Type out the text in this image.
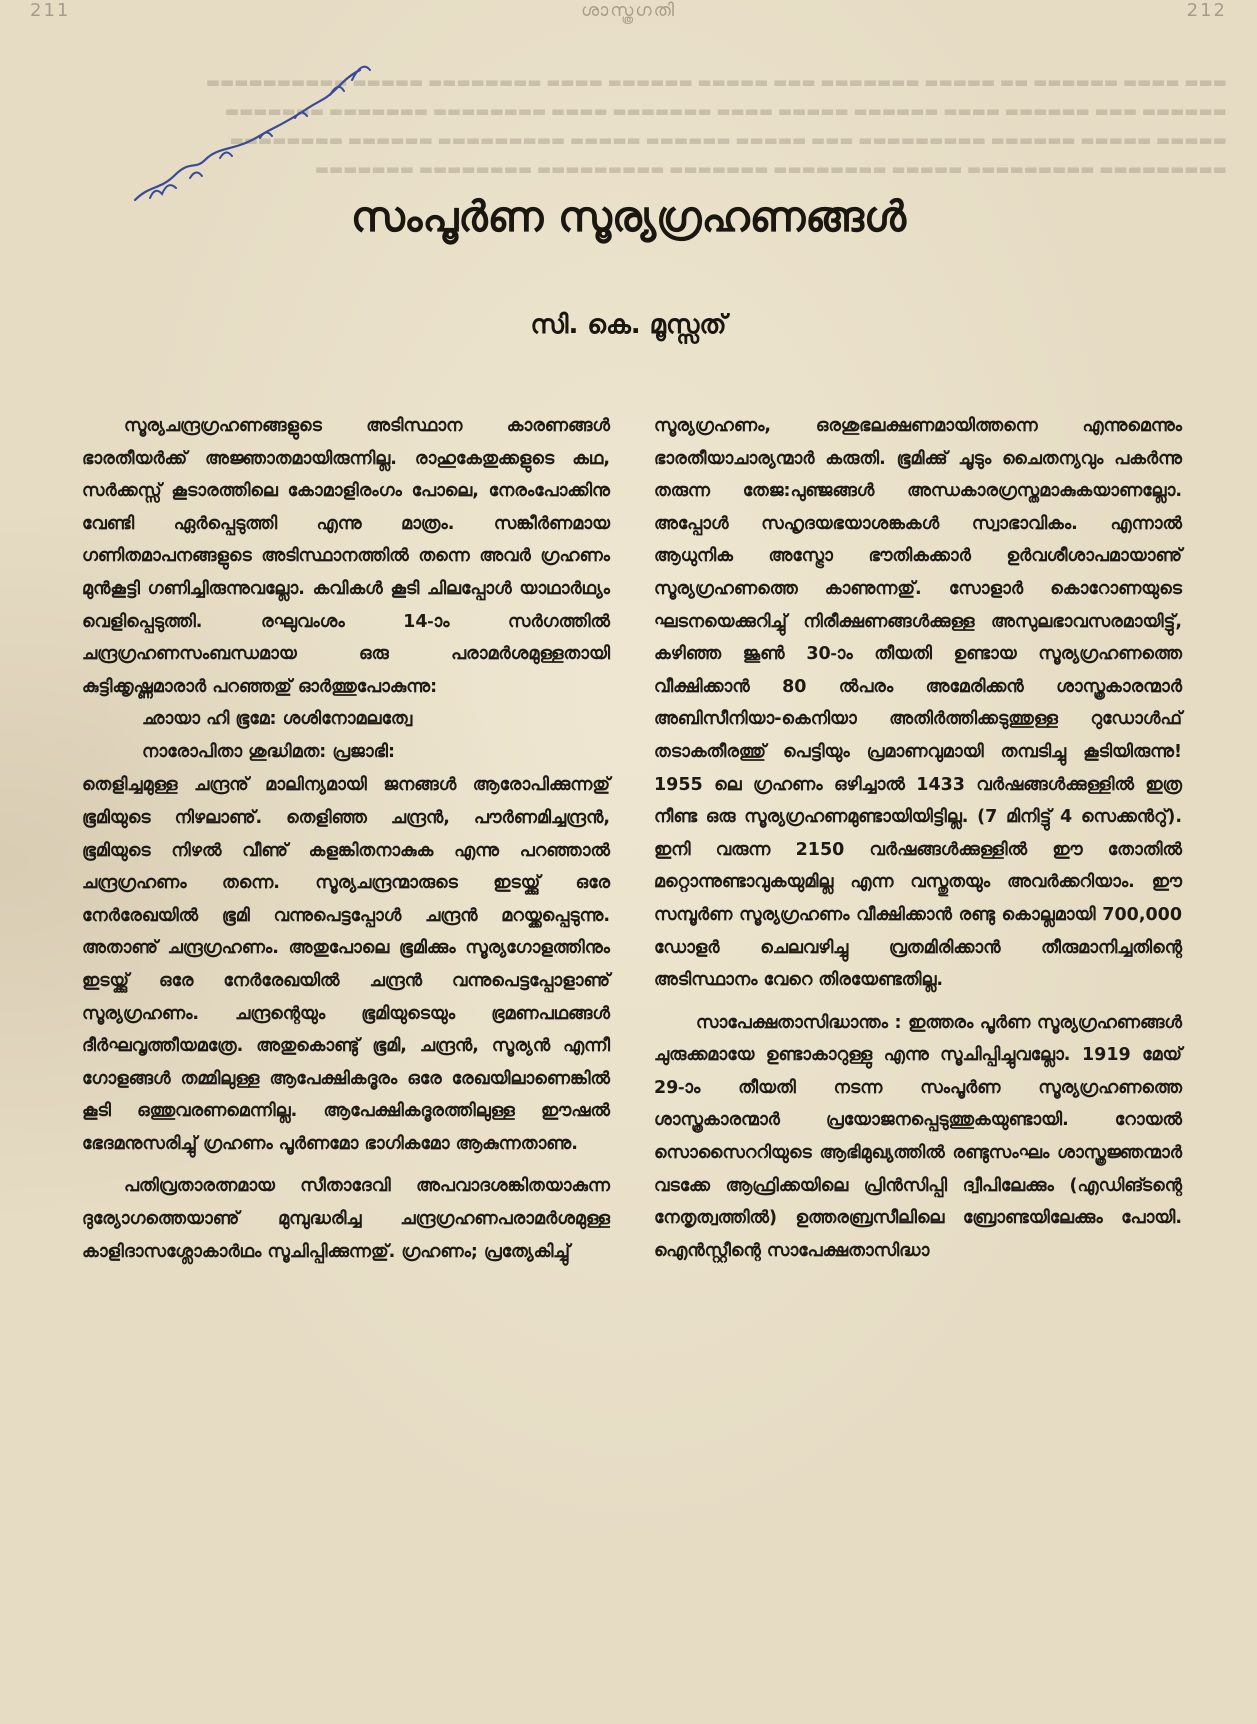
211	ശാസ്ത്രഗതി	212
▬▬▬ ▬▬▬▬ ▬▬▬▬▬▬ ▬▬ ▬▬▬▬▬ ▬▬▬▬▬▬▬ ▬▬▬ ▬▬▬▬▬ ▬▬▬▬▬▬ ▬▬▬▬ ▬▬▬▬▬▬▬▬ ▬▬▬▬▬ ▬▬▬▬▬▬▬▬▬▬
▬▬▬▬▬▬ ▬▬▬ ▬▬▬▬▬▬ ▬▬▬▬ ▬▬▬▬▬▬ ▬▬▬▬▬ ▬▬▬▬ ▬▬▬▬▬▬▬ ▬▬▬▬ ▬▬▬▬▬▬▬▬ ▬▬▬▬▬▬▬ ▬▬▬▬▬▬▬
▬▬▬▬▬ ▬▬▬▬▬ ▬▬▬▬▬▬ ▬▬▬▬▬▬▬▬▬ ▬▬▬ ▬▬▬▬▬ ▬▬▬▬▬▬ ▬▬▬▬▬ ▬▬▬▬▬▬▬▬▬ ▬▬▬▬▬▬ ▬▬▬▬▬▬▬▬
▬▬▬▬▬▬▬▬▬ ▬▬▬▬▬▬▬▬▬ ▬▬▬▬▬ ▬▬▬▬▬▬▬▬ ▬▬▬▬▬▬▬ ▬▬▬▬▬▬▬▬▬ ▬▬▬▬▬▬▬▬ ▬▬▬▬▬▬▬
സംപൂർണ സൂര്യഗ്രഹണങ്ങൾ
സി. കെ. മൂസ്സത്

സൂര്യചന്ദ്രഗ്രഹണങ്ങളുടെ അടിസ്ഥാന കാരണങ്ങൾ ഭാരതീയർക്ക് അജ്ഞാതമായിരുന്നില്ല. രാഹുകേതുക്കളുടെ കഥ, സർക്കസ്സ് കൂടാരത്തിലെ കോമാളിരംഗം പോലെ, നേരംപോക്കിനു വേണ്ടി ഏർപ്പെടുത്തി എന്നു മാത്രം. സങ്കീർണമായ ഗണിതമാപനങ്ങളുടെ അടിസ്ഥാനത്തിൽ തന്നെ അവർ ഗ്രഹണം മുൻകൂട്ടി ഗണിച്ചിരുന്നുവല്ലോ. കവികൾ കൂടി ചിലപ്പോൾ യാഥാർഥ്യം വെളിപ്പെടുത്തി. രഘുവംശം 14-ാം സർഗത്തിൽ ചന്ദ്രഗ്രഹണസംബന്ധമായ ഒരു പരാമർശമുള്ളതായി കുട്ടിക്കൃഷ്ണമാരാർ പറഞ്ഞതു് ഓർത്തുപോകുന്നു:

ഛായാ ഹി ഭൂമേ: ശശിനോമലത്വേ
നാരോപിതാ ശുദ്ധിമത: പ്രജാഭി:

തെളിച്ചമുള്ള ചന്ദ്രനു് മാലിന്യമായി ജനങ്ങൾ ആരോപിക്കുന്നതു് ഭൂമിയുടെ നിഴലാണു്. തെളിഞ്ഞ ചന്ദ്രൻ, പൗർണമിച്ചന്ദ്രൻ, ഭൂമിയുടെ നിഴൽ വീണു് കളങ്കിതനാകുക എന്നു പറഞ്ഞാൽ ചന്ദ്രഗ്രഹണം തന്നെ. സൂര്യചന്ദ്രന്മാരുടെ ഇടയ്ക്കു് ഒരേ നേർരേഖയിൽ ഭൂമി വന്നുപെട്ടപ്പോൾ ചന്ദ്രൻ മറയ്ക്കപ്പെടുന്നു. അതാണു് ചന്ദ്രഗ്രഹണം. അതുപോലെ ഭൂമിക്കും സൂര്യഗോളത്തിനും ഇടയ്ക്കു് ഒരേ നേർരേഖയിൽ ചന്ദ്രൻ വന്നുപെട്ടപ്പോളാണു് സൂര്യഗ്രഹണം. ചന്ദ്രന്റെയും ഭൂമിയുടെയും ഭ്രമണപഥങ്ങൾ ദീർഘവൃത്തീയമത്രേ. അതുകൊണ്ടു് ഭൂമി, ചന്ദ്രൻ, സൂര്യൻ എന്നീ ഗോളങ്ങൾ തമ്മിലുള്ള ആപേക്ഷികദൂരം ഒരേ രേഖയിലാണെങ്കിൽ കൂടി ഒത്തുവരണമെന്നില്ല. ആപേക്ഷികദൂരത്തിലുള്ള ഈഷൽ ഭേദമനുസരിച്ചു് ഗ്രഹണം പൂർണമോ ഭാഗികമോ ആകുന്നതാണു.

പതിവ്രതാരത്നമായ സീതാദേവി അപവാദശങ്കിതയാകുന്ന ദുര്യോഗത്തെയാണു് മുമ്പുദ്ധരിച്ച ചന്ദ്രഗ്രഹണപരാമർശമുള്ള കാളിദാസശ്ലോകാർഥം സൂചിപ്പിക്കുന്നതു്. ഗ്രഹണം; പ്രത്യേകിച്ചു്

സൂര്യഗ്രഹണം, ഒരശുഭലക്ഷണമായിത്തന്നെ എന്നുമെന്നും ഭാരതീയാചാര്യന്മാർ കരുതി. ഭൂമിക്കു് ചൂടും ചൈതന്യവും പകർന്നു തരുന്ന തേജ:പുഞ്ജങ്ങൾ അന്ധകാരഗ്രസ്തമാകുകയാണല്ലോ. അപ്പോൾ സഹൃദയഭയാശങ്കകൾ സ്വാഭാവികം. എന്നാൽ ആധുനിക അസ്ട്രോ ഭൗതികക്കാർ ഉർവശീശാപമായാണു് സൂര്യഗ്രഹണത്തെ കാണുന്നതു്. സോളാർ കൊറോണയുടെ ഘടനയെക്കുറിച്ചു് നിരീക്ഷണങ്ങൾക്കുള്ള അസുലഭാവസരമായിട്ടു്, കഴിഞ്ഞ ജൂൺ 30-ാം തീയതി ഉണ്ടായ സൂര്യഗ്രഹണത്തെ വീക്ഷിക്കാൻ 80 ൽപരം അമേരിക്കൻ ശാസ്ത്രകാരന്മാർ അബിസീനിയാ-കെനിയാ അതിർത്തിക്കടുത്തുള്ള റുഡോൾഫ് തടാകതീരത്തു് പെട്ടിയും പ്രമാണവുമായി തമ്പടിച്ചു കൂടിയിരുന്നു! 1955 ലെ ഗ്രഹണം ഒഴിച്ചാൽ 1433 വർഷങ്ങൾക്കുള്ളിൽ ഇത്ര നീണ്ട ഒരു സൂര്യഗ്രഹണമുണ്ടായിയിട്ടില്ല. (7 മിനിട്ടു് 4 സെക്കൻറു്). ഇനി വരുന്ന 2150 വർഷങ്ങൾക്കുള്ളിൽ ഈ തോതിൽ മറ്റൊന്നുണ്ടാവുകയുമില്ല എന്ന വസ്തുതയും അവർക്കറിയാം. ഈ സമ്പൂർണ സൂര്യഗ്രഹണം വീക്ഷിക്കാൻ രണ്ടു കൊല്ലമായി 700,000 ഡോളർ ചെലവഴിച്ചു വ്രതമിരിക്കാൻ തീരുമാനിച്ചതിന്റെ അടിസ്ഥാനം വേറെ തിരയേണ്ടതില്ല.

സാപേക്ഷതാസിദ്ധാന്തം : ഇത്തരം പൂർണ സൂര്യഗ്രഹണങ്ങൾ ചുരുക്കമായേ ഉണ്ടാകാറുള്ളു എന്നു സൂചിപ്പിച്ചുവല്ലോ. 1919 മേയ് 29-ാം തീയതി നടന്ന സംപൂർണ സൂര്യഗ്രഹണത്തെ ശാസ്ത്രകാരന്മാർ പ്രയോജനപ്പെടുത്തുകയുണ്ടായി. റോയൽ സൊസൈററിയുടെ ആഭിമുഖ്യത്തിൽ രണ്ടുസംഘം ശാസ്ത്രജ്ഞന്മാർ വടക്കേ ആഫ്രിക്കയിലെ പ്രിൻസിപ്പി ദ്വീപിലേക്കും (എഡിങ്ടന്റെ നേതൃത്വത്തിൽ) ഉത്തരബ്രസീലിലെ ബ്രോണ്ടയിലേക്കും പോയി. ഐൻസ്റ്റീന്റെ സാപേക്ഷതാസിദ്ധാ
